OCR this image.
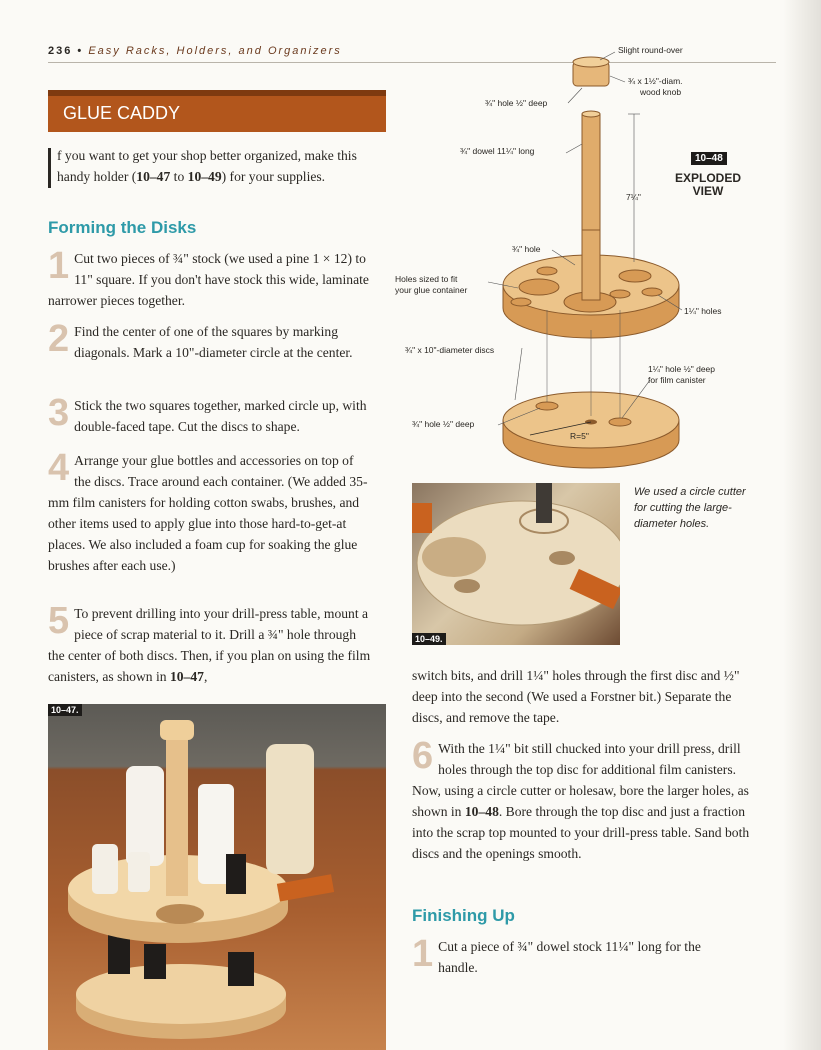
236 • Easy Racks, Holders, and Organizers
GLUE CADDY
f you want to get your shop better organized, make this handy holder (10–47 to 10–49) for your supplies.
Forming the Disks
1 Cut two pieces of ¾" stock (we used a pine 1 × 12) to 11" square. If you don't have stock this wide, laminate narrower pieces together.
2 Find the center of one of the squares by marking diagonals. Mark a 10"-diameter circle at the center.
3 Stick the two squares together, marked circle up, with double-faced tape. Cut the discs to shape.
4 Arrange your glue bottles and accessories on top of the discs. Trace around each container. (We added 35-mm film canisters for holding cotton swabs, brushes, and other items used to apply glue into those hard-to-get-at places. We also included a foam cup for soaking the glue brushes after each use.)
5 To prevent drilling into your drill-press table, mount a piece of scrap material to it. Drill a ¾" hole through the center of both discs. Then, if you plan on using the film canisters, as shown in 10–47,
Slight round-over
¾ x 1½"-diam.
wood knob
¾" hole ½" deep
¾" dowel 11¼" long
7¼"
¾" hole
Holes sized to fit
your glue container
1¼" holes
¾" x 10"-diameter discs
1¼" hole ½" deep
for film canister
¾" hole ½" deep
R=5"
10–48
EXPLODED
VIEW
10–49.
We used a circle cutter for cutting the large-diameter holes.
switch bits, and drill 1¼" holes through the first disc and ½" deep into the second (We used a Forstner bit.) Separate the discs, and remove the tape.
6 With the 1¼" bit still chucked into your drill press, drill holes through the top disc for additional film canisters. Now, using a circle cutter or holesaw, bore the larger holes, as shown in 10–48. Bore through the top disc and just a fraction into the scrap top mounted to your drill-press table. Sand both discs and the openings smooth.
Finishing Up
1 Cut a piece of ¾" dowel stock 11¼" long for the handle.
10–47.
